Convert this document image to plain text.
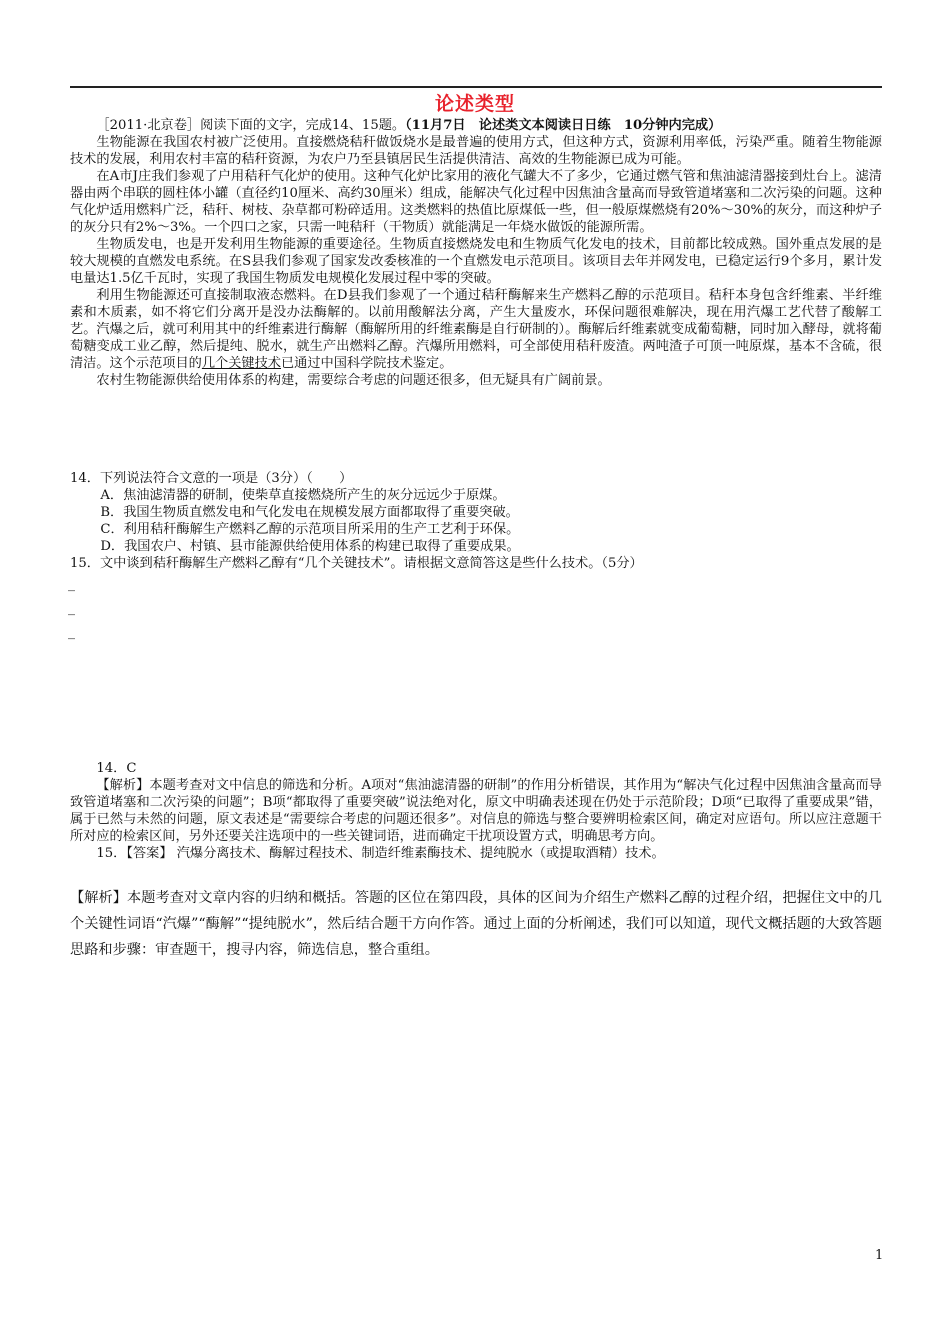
论述类型
［2011·北京卷］阅读下面的文字，完成14、15题。（11月7日　论述类文本阅读日日练　10分钟内完成）

生物能源在我国农村被广泛使用。直接燃烧秸秆做饭烧水是最普遍的使用方式，但这种方式，资源利用率低，污染严重。随着生物能源技术的发展，利用农村丰富的秸秆资源，为农户乃至县镇居民生活提供清洁、高效的生物能源已成为可能。

在A市J庄我们参观了户用秸秆气化炉的使用。这种气化炉比家用的液化气罐大不了多少，它通过燃气管和焦油滤清器接到灶台上。滤清器由两个串联的圆柱体小罐（直径约10厘米、高约30厘米）组成，能解决气化过程中因焦油含量高而导致管道堵塞和二次污染的问题。这种气化炉适用燃料广泛，秸秆、树枝、杂草都可粉碎适用。这类燃料的热值比原煤低一些，但一般原煤燃烧有20%～30%的灰分，而这种炉子的灰分只有2%～3%。一个四口之家，只需一吨秸秆（干物质）就能满足一年烧水做饭的能源所需。

生物质发电，也是开发利用生物能源的重要途径。生物质直接燃烧发电和生物质气化发电的技术，目前都比较成熟。国外重点发展的是较大规模的直燃发电系统。在S县我们参观了国家发改委核准的一个直燃发电示范项目。该项目去年并网发电，已稳定运行9个多月，累计发电量达1.5亿千瓦时，实现了我国生物质发电规模化发展过程中零的突破。

利用生物能源还可直接制取液态燃料。在D县我们参观了一个通过秸秆酶解来生产燃料乙醇的示范项目。秸秆本身包含纤维素、半纤维素和木质素，如不将它们分离开是没办法酶解的。以前用酸解法分离，产生大量废水，环保问题很难解决，现在用汽爆工艺代替了酸解工艺。汽爆之后，就可利用其中的纤维素进行酶解（酶解所用的纤维素酶是自行研制的）。酶解后纤维素就变成葡萄糖，同时加入酵母，就将葡萄糖变成工业乙醇，然后提纯、脱水，就生产出燃料乙醇。汽爆所用燃料，可全部使用秸秆废渣。两吨渣子可顶一吨原煤，基本不含硫，很清洁。这个示范项目的几个关键技术已通过中国科学院技术鉴定。

农村生物能源供给使用体系的构建，需要综合考虑的问题还很多，但无疑具有广阔前景。

14．下列说法符合文意的一项是（3分）（　　）

A．焦油滤清器的研制，使柴草直接燃烧所产生的灰分远远少于原煤。

B．我国生物质直燃发电和气化发电在规模发展方面都取得了重要突破。

C．利用秸秆酶解生产燃料乙醇的示范项目所采用的生产工艺利于环保。

D．我国农户、村镇、县市能源供给使用体系的构建已取得了重要成果。

15．文中谈到秸秆酶解生产燃料乙醇有“几个关键技术”。请根据文意简答这是些什么技术。（5分）

_
_
_

14．C

【解析】本题考查对文中信息的筛选和分析。A项对“焦油滤清器的研制”的作用分析错误，其作用为“解决气化过程中因焦油含量高而导致管道堵塞和二次污染的问题”；B项“都取得了重要突破”说法绝对化，原文中明确表述现在仍处于示范阶段；D项“已取得了重要成果”错，属于已然与未然的问题，原文表述是“需要综合考虑的问题还很多”。对信息的筛选与整合要辨明检索区间，确定对应语句。所以应注意题干所对应的检索区间，另外还要关注选项中的一些关键词语，进而确定干扰项设置方式，明确思考方向。

15．【答案】 汽爆分离技术、酶解过程技术、制造纤维素酶技术、提纯脱水（或提取酒精）技术。

【解析】本题考查对文章内容的归纳和概括。答题的区位在第四段，具体的区间为介绍生产燃料乙醇的过程介绍，把握住文中的几个关键性词语“汽爆”“酶解”“提纯脱水”，然后结合题干方向作答。通过上面的分析阐述，我们可以知道，现代文概括题的大致答题思路和步骤：审查题干，搜寻内容，筛选信息，整合重组。

1
